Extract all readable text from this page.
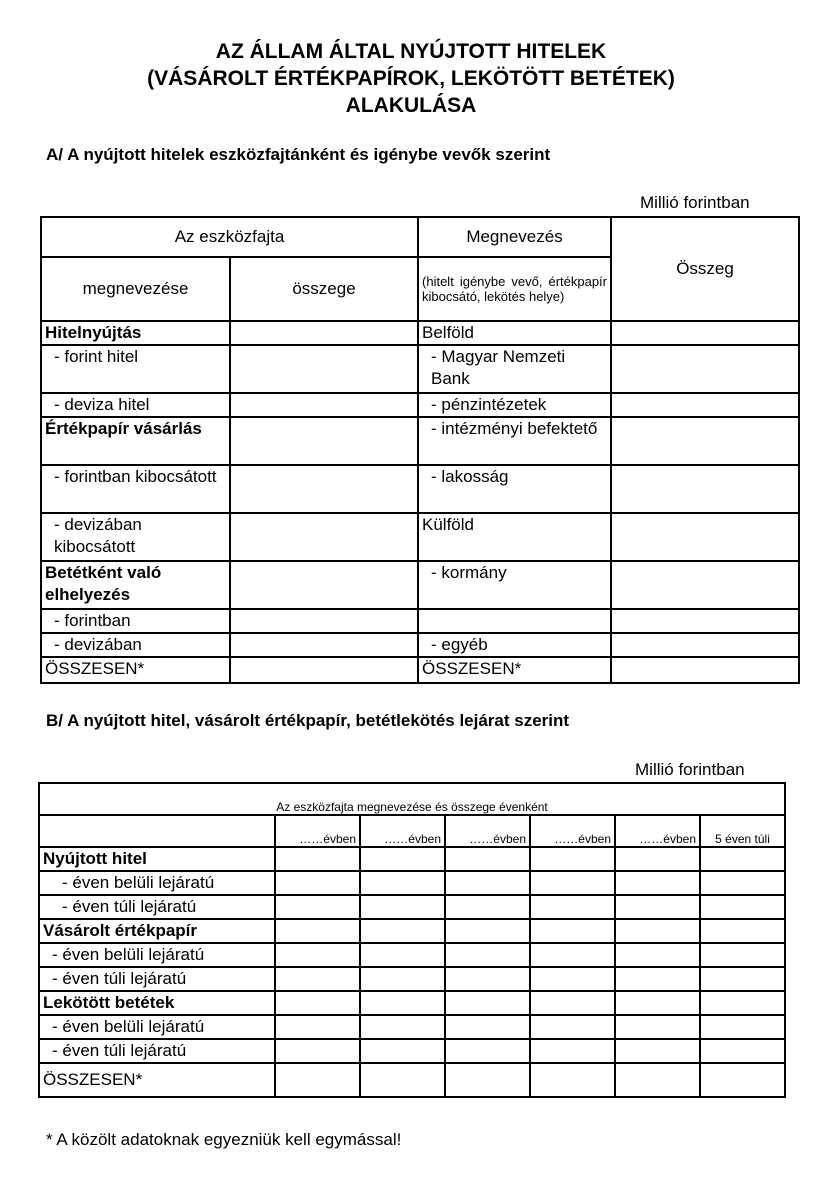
AZ ÁLLAM ÁLTAL NYÚJTOTT HITELEK
(VÁSÁROLT ÉRTÉKPAPÍROK, LEKÖTÖTT BETÉTEK)
ALAKULÁSA
A/ A nyújtott hitelek eszközfajtánként és igénybe vevők szerint
Millió forintban
Az eszközfajta		Megnevezés	Összeg
megnevezése	összege	(hitelt igénybe vevő, értékpapír kibocsátó, lekötés helye)	
Hitelnyújtás		Belföld	
- forint hitel		- Magyar Nemzeti Bank	
- deviza hitel		- pénzintézetek	
Értékpapír vásárlás		- intézményi befektető	
- forintban kibocsátott		- lakosság	
- devizában kibocsátott		Külföld	
Betétként való elhelyezés		- kormány	
- forintban			
- devizában		- egyéb	
ÖSSZESEN*		ÖSSZESEN*	
B/ A nyújtott hitel, vásárolt értékpapír, betétlekötés lejárat szerint
Millió forintban
Az eszközfajta megnevezése és összege évenként						
	……évben	……évben	……évben	……évben	……évben	5 éven túli
Nyújtott hitel						
- éven belüli lejáratú						
- éven túli lejáratú						
Vásárolt értékpapír						
- éven belüli lejáratú						
- éven túli lejáratú						
Lekötött betétek						
- éven belüli lejáratú						
- éven túli lejáratú						
ÖSSZESEN*						
* A közölt adatoknak egyezniük kell egymással!
